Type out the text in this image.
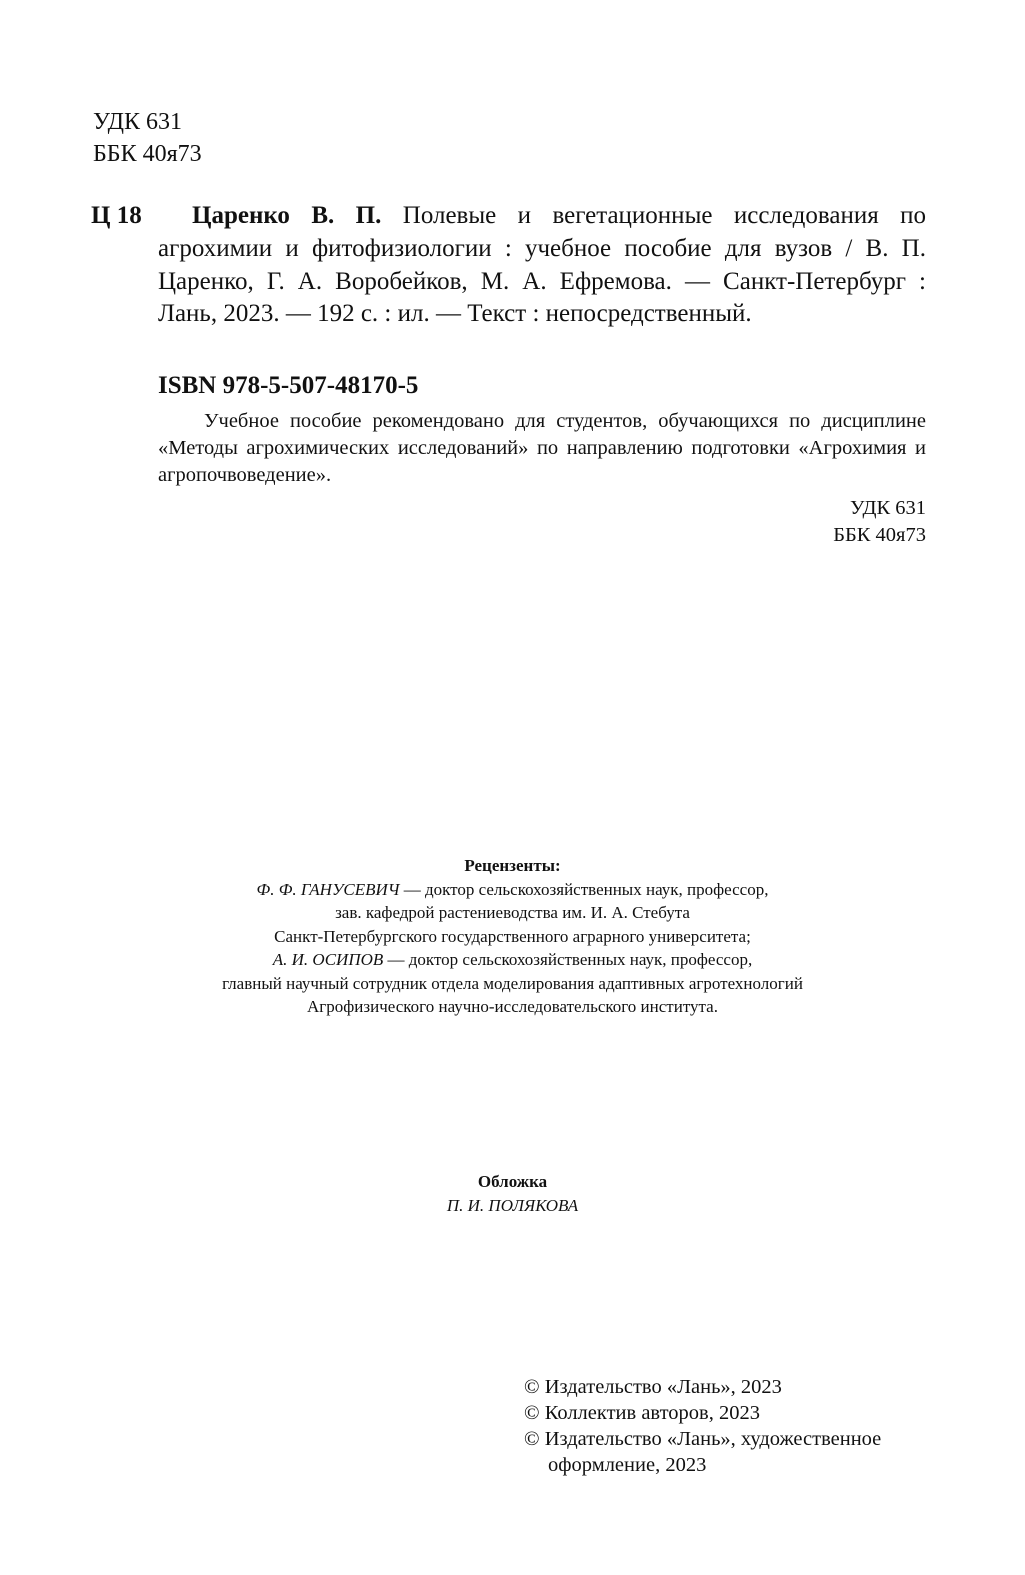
УДК 631
ББК 40я73
Ц 18	Царенко В. П. Полевые и вегетационные исследования по агрохимии и фитофизиологии : учебное пособие для вузов / В. П. Царенко, Г. А. Воробейков, М. А. Ефремова. — Санкт-Петербург : Лань, 2023. — 192 с. : ил. — Текст : непосредственный.
ISBN 978-5-507-48170-5
Учебное пособие рекомендовано для студентов, обучающихся по дисциплине «Методы агрохимических исследований» по направлению подготовки «Агрохимия и агропочвоведение».
УДК 631
ББК 40я73
Рецензенты:
Ф. Ф. ГАНУСЕВИЧ — доктор сельскохозяйственных наук, профессор,
зав. кафедрой растениеводства им. И. А. Стебута
Санкт-Петербургского государственного аграрного университета;
А. И. ОСИПОВ — доктор сельскохозяйственных наук, профессор,
главный научный сотрудник отдела моделирования адаптивных агротехнологий
Агрофизического научно-исследовательского института.
Обложка
П. И. ПОЛЯКОВА
© Издательство «Лань», 2023
© Коллектив авторов, 2023
© Издательство «Лань», художественное
оформление, 2023
